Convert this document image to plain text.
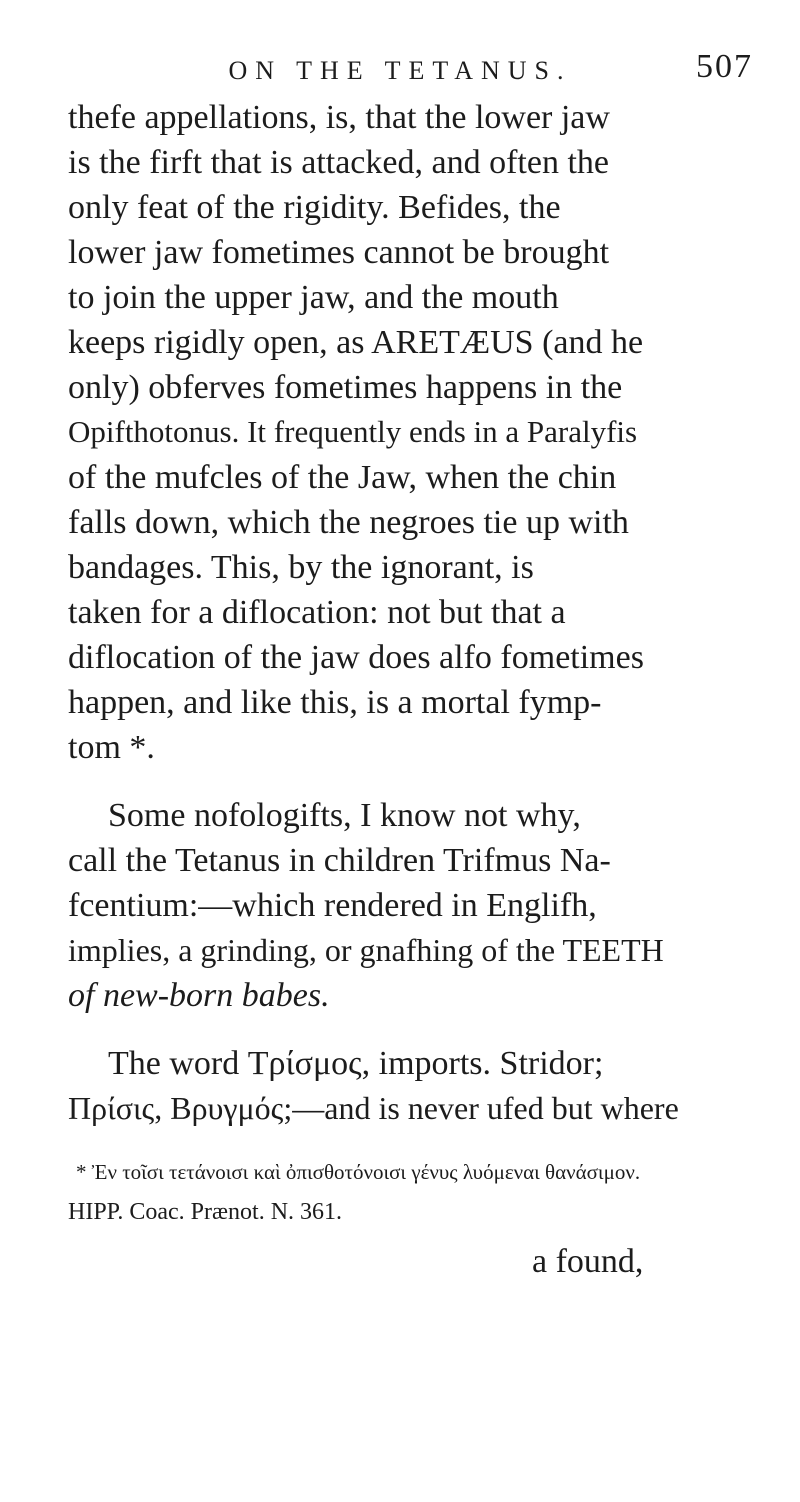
ON THE TETANUS.	507
thefe appellations, is, that the lower jaw
is the firft that is attacked, and often the
only feat of the rigidity. Befides, the
lower jaw fometimes cannot be brought
to join the upper jaw, and the mouth
keeps rigidly open, as ARETÆUS (and he
only) obferves fometimes happens in the
Opifthotonus. It frequently ends in a Paralyfis
of the mufcles of the Jaw, when the chin
falls down, which the negroes tie up with
bandages. This, by the ignorant, is
taken for a diflocation: not but that a
diflocation of the jaw does alfo fometimes
happen, and like this, is a mortal fymp-
tom *.
Some nofologifts, I know not why,
call the Tetanus in children Trifmus Na-
fcentium:—which rendered in Englifh,
implies, a grinding, or gnafhing of the TEETH
of new-born babes.
The word Τρίσμος, imports. Stridor;
Πρίσις, Βρυγμός;—and is never ufed but where
* Ἐν τοῖσι τετάνοισι καὶ ὀπισθοτόνοισι γένυς λυόμεναι θανάσιμον.
HIPP. Coac. Prænot. N. 361.
a found,
